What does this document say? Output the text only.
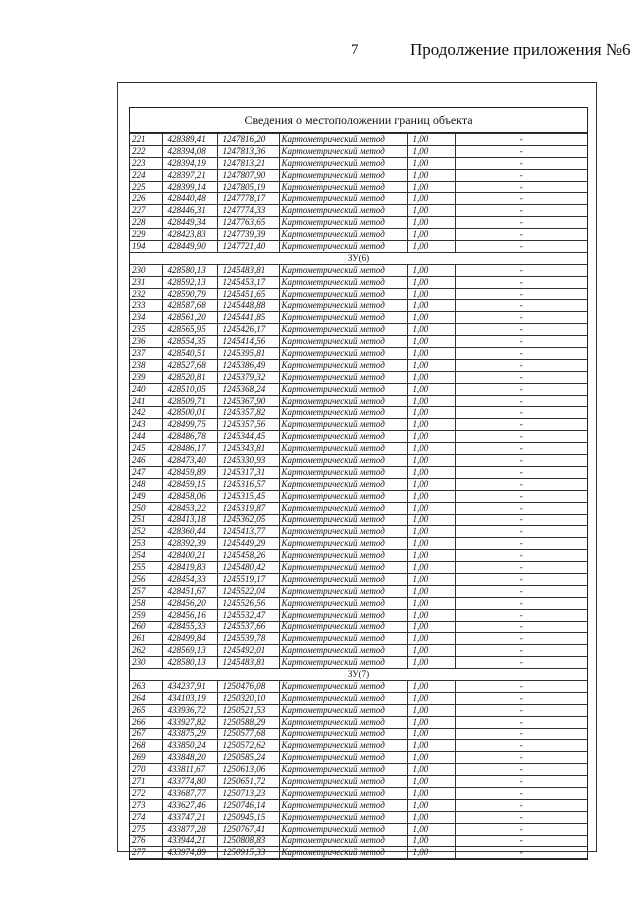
7	Продолжение приложения №6
Сведения о местоположении границ объекта
221	428389,41	1247816,20	Картометрический метод	1,00	-
222	428394,08	1247813,36	Картометрический метод	1,00	-
223	428394,19	1247813,21	Картометрический метод	1,00	-
224	428397,21	1247807,90	Картометрический метод	1,00	-
225	428399,14	1247805,19	Картометрический метод	1,00	-
226	428440,48	1247778,17	Картометрический метод	1,00	-
227	428446,31	1247774,33	Картометрический метод	1,00	-
228	428449,34	1247763,65	Картометрический метод	1,00	-
229	428423,83	1247739,39	Картометрический метод	1,00	-
194	428449,90	1247721,40	Картометрический метод	1,00	-
ЗУ(6)					
230	428580,13	1245483,81	Картометрический метод	1,00	-
231	428592,13	1245453,17	Картометрический метод	1,00	-
232	428590,79	1245451,65	Картометрический метод	1,00	-
233	428587,68	1245448,88	Картометрический метод	1,00	-
234	428561,20	1245441,85	Картометрический метод	1,00	-
235	428565,95	1245426,17	Картометрический метод	1,00	-
236	428554,35	1245414,56	Картометрический метод	1,00	-
237	428540,51	1245395,81	Картометрический метод	1,00	-
238	428527,68	1245386,49	Картометрический метод	1,00	-
239	428520,81	1245379,32	Картометрический метод	1,00	-
240	428510,05	1245368,24	Картометрический метод	1,00	-
241	428509,71	1245367,90	Картометрический метод	1,00	-
242	428500,01	1245357,82	Картометрический метод	1,00	-
243	428499,75	1245357,56	Картометрический метод	1,00	-
244	428486,78	1245344,45	Картометрический метод	1,00	-
245	428486,17	1245343,81	Картометрический метод	1,00	-
246	428473,40	1245330,93	Картометрический метод	1,00	-
247	428459,89	1245317,31	Картометрический метод	1,00	-
248	428459,15	1245316,57	Картометрический метод	1,00	-
249	428458,06	1245315,45	Картометрический метод	1,00	-
250	428453,22	1245319,87	Картометрический метод	1,00	-
251	428413,18	1245362,05	Картометрический метод	1,00	-
252	428360,44	1245413,77	Картометрический метод	1,00	-
253	428392,39	1245449,29	Картометрический метод	1,00	-
254	428400,21	1245458,26	Картометрический метод	1,00	-
255	428419,83	1245480,42	Картометрический метод	1,00	-
256	428454,33	1245519,17	Картометрический метод	1,00	-
257	428451,67	1245522,04	Картометрический метод	1,00	-
258	428456,20	1245526,56	Картометрический метод	1,00	-
259	428456,16	1245532,47	Картометрический метод	1,00	-
260	428455,33	1245537,66	Картометрический метод	1,00	-
261	428499,84	1245539,78	Картометрический метод	1,00	-
262	428569,13	1245492,01	Картометрический метод	1,00	-
230	428580,13	1245483,81	Картометрический метод	1,00	-
ЗУ(7)					
263	434237,91	1250476,08	Картометрический метод	1,00	-
264	434103,19	1250320,10	Картометрический метод	1,00	-
265	433936,72	1250521,53	Картометрический метод	1,00	-
266	433927,82	1250588,29	Картометрический метод	1,00	-
267	433875,29	1250577,68	Картометрический метод	1,00	-
268	433850,24	1250572,62	Картометрический метод	1,00	-
269	433848,20	1250585,24	Картометрический метод	1,00	-
270	433811,67	1250613,06	Картометрический метод	1,00	-
271	433774,80	1250651,72	Картометрический метод	1,00	-
272	433687,77	1250713,23	Картометрический метод	1,00	-
273	433627,46	1250746,14	Картометрический метод	1,00	-
274	433747,21	1250945,15	Картометрический метод	1,00	-
275	433877,28	1250767,41	Картометрический метод	1,00	-
276	433944,21	1250808,83	Картометрический метод	1,00	-
277	433974,89	1250915,33	Картометрический метод	1,00	-
